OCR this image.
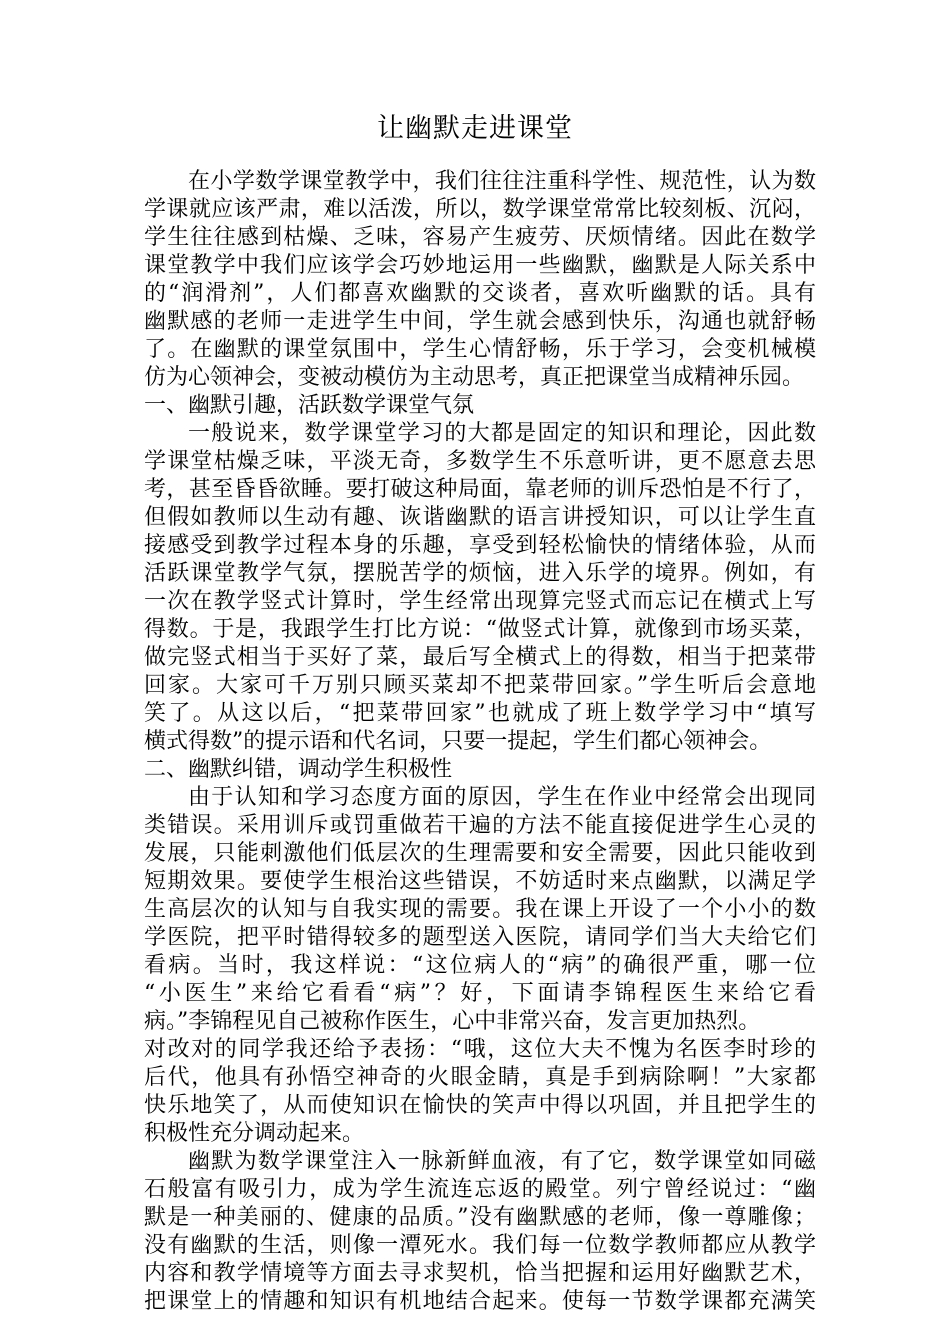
让幽默走进课堂
在小学数学课堂教学中，我们往往注重科学性、规范性，认为数
学课就应该严肃，难以活泼，所以，数学课堂常常比较刻板、沉闷，
学生往往感到枯燥、乏味，容易产生疲劳、厌烦情绪。因此在数学
课堂教学中我们应该学会巧妙地运用一些幽默，幽默是人际关系中
的“润滑剂”，人们都喜欢幽默的交谈者，喜欢听幽默的话。具有
幽默感的老师一走进学生中间，学生就会感到快乐，沟通也就舒畅
了。在幽默的课堂氛围中，学生心情舒畅，乐于学习，会变机械模
仿为心领神会，变被动模仿为主动思考，真正把课堂当成精神乐园。
一、幽默引趣，活跃数学课堂气氛
一般说来，数学课堂学习的大都是固定的知识和理论，因此数
学课堂枯燥乏味，平淡无奇，多数学生不乐意听讲，更不愿意去思
考，甚至昏昏欲睡。要打破这种局面，靠老师的训斥恐怕是不行了，
但假如教师以生动有趣、诙谐幽默的语言讲授知识，可以让学生直
接感受到教学过程本身的乐趣，享受到轻松愉快的情绪体验，从而
活跃课堂教学气氛，摆脱苦学的烦恼，进入乐学的境界。例如，有
一次在教学竖式计算时，学生经常出现算完竖式而忘记在横式上写
得数。于是，我跟学生打比方说：“做竖式计算，就像到市场买菜，
做完竖式相当于买好了菜，最后写全横式上的得数，相当于把菜带
回家。大家可千万别只顾买菜却不把菜带回家。”学生听后会意地
笑了。从这以后，“把菜带回家”也就成了班上数学学习中“填写
横式得数”的提示语和代名词，只要一提起，学生们都心领神会。
二、幽默纠错，调动学生积极性
由于认知和学习态度方面的原因，学生在作业中经常会出现同
类错误。采用训斥或罚重做若干遍的方法不能直接促进学生心灵的
发展，只能刺激他们低层次的生理需要和安全需要，因此只能收到
短期效果。要使学生根治这些错误，不妨适时来点幽默，以满足学
生高层次的认知与自我实现的需要。我在课上开设了一个小小的数
学医院，把平时错得较多的题型送入医院，请同学们当大夫给它们
看病。当时，我这样说：“这位病人的“病”的确很严重，哪一位
“小医生”来给它看看“病”？好，下面请李锦程医生来给它看
病。”李锦程见自己被称作医生，心中非常兴奋，发言更加热烈。
对改对的同学我还给予表扬：“哦，这位大夫不愧为名医李时珍的
后代，他具有孙悟空神奇的火眼金睛，真是手到病除啊！”大家都
快乐地笑了，从而使知识在愉快的笑声中得以巩固，并且把学生的
积极性充分调动起来。
幽默为数学课堂注入一脉新鲜血液，有了它，数学课堂如同磁
石般富有吸引力，成为学生流连忘返的殿堂。列宁曾经说过：“幽
默是一种美丽的、健康的品质。”没有幽默感的老师，像一尊雕像；
没有幽默的生活，则像一潭死水。我们每一位数学教师都应从教学
内容和教学情境等方面去寻求契机，恰当把握和运用好幽默艺术，
把课堂上的情趣和知识有机地结合起来。使每一节数学课都充满笑
